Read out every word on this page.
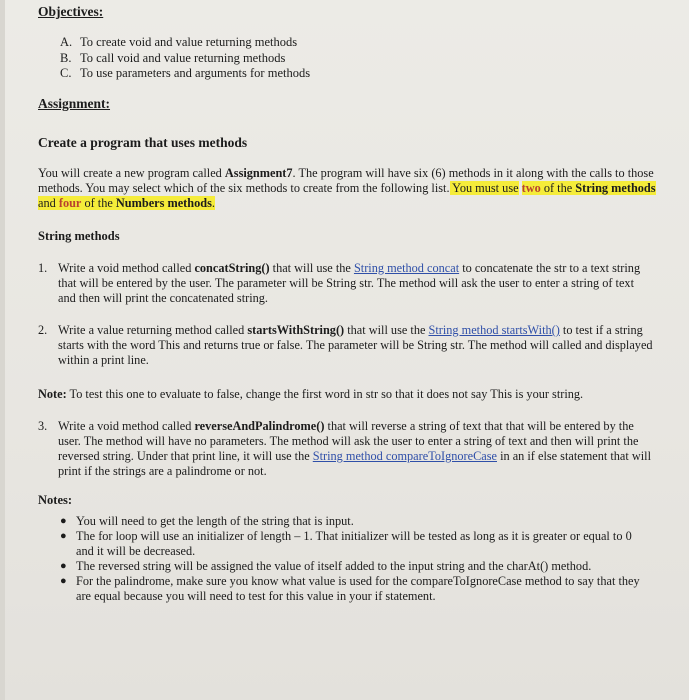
Objectives:
A. To create void and value returning methods
B. To call void and value returning methods
C. To use parameters and arguments for methods
Assignment:
Create a program that uses methods
You will create a new program called Assignment7. The program will have six (6) methods in it along with the calls to those methods. You may select which of the six methods to create from the following list. You must use two of the String methods and four of the Numbers methods.
String methods
1. Write a void method called concatString() that will use the String method concat to concatenate the str to a text string that will be entered by the user. The parameter will be String str. The method will ask the user to enter a string of text and then will print the concatenated string.
2. Write a value returning method called startsWithString() that will use the String method startsWith() to test if a string starts with the word This and returns true or false. The parameter will be String str. The method will called and displayed within a print line.
Note: To test this one to evaluate to false, change the first word in str so that it does not say This is your string.
3. Write a void method called reverseAndPalindrome() that will reverse a string of text that that will be entered by the user. The method will have no parameters. The method will ask the user to enter a string of text and then will print the reversed string. Under that print line, it will use the String method compareToIgnoreCase in an if else statement that will print if the strings are a palindrome or not.
Notes:
● You will need to get the length of the string that is input.
● The for loop will use an initializer of length – 1. That initializer will be tested as long as it is greater or equal to 0 and it will be decreased.
● The reversed string will be assigned the value of itself added to the input string and the charAt() method.
● For the palindrome, make sure you know what value is used for the compareToIgnoreCase method to say that they are equal because you will need to test for this value in your if statement.
